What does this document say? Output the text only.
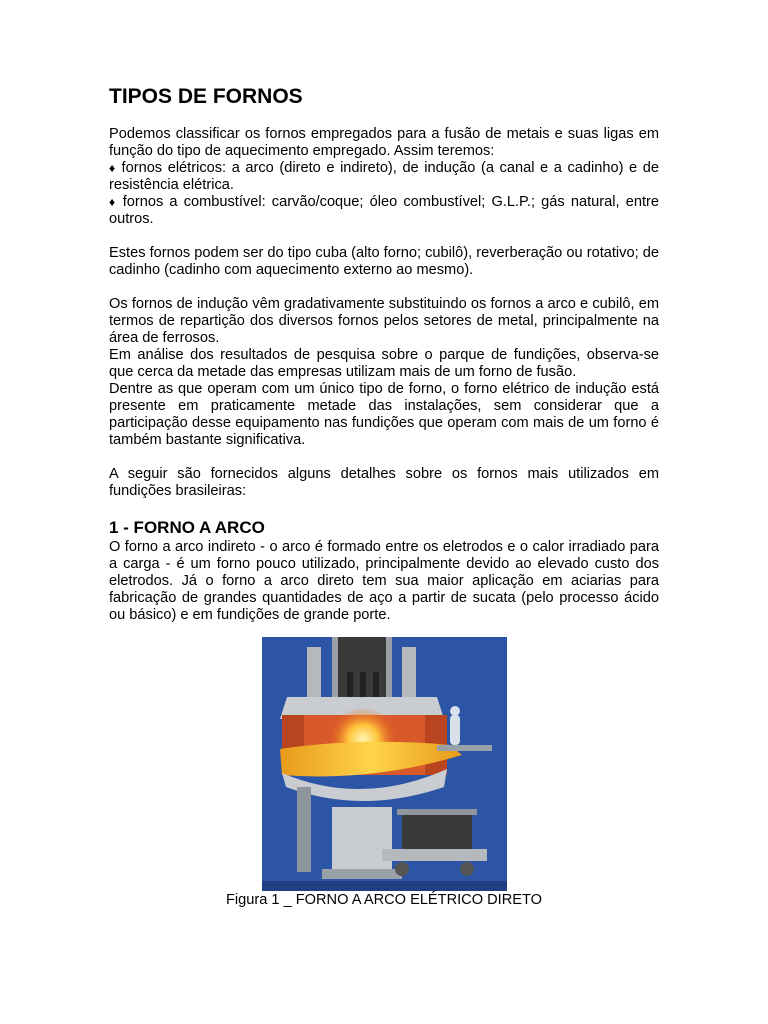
TIPOS DE FORNOS

Podemos classificar os fornos empregados para a fusão de metais e suas ligas em função do tipo de aquecimento empregado. Assim teremos:

♦ fornos elétricos: a arco (direto e indireto), de indução (a canal e a cadinho) e de resistência elétrica.

♦ fornos a combustível: carvão/coque; óleo combustível; G.L.P.; gás natural, entre outros.

Estes fornos podem ser do tipo cuba (alto forno; cubilô), reverberação ou rotativo; de cadinho (cadinho com aquecimento externo ao mesmo).

Os fornos de indução vêm gradativamente substituindo os fornos a arco e cubilô, em termos de repartição dos diversos fornos pelos setores de metal, principalmente na área de ferrosos.

Em análise dos resultados de pesquisa sobre o parque de fundições, observa-se que cerca da metade das empresas utilizam mais de um forno de fusão.

Dentre as que operam com um único tipo de forno, o forno elétrico de indução está presente em praticamente metade das instalações, sem considerar que a participação desse equipamento nas fundições que operam com mais de um forno é também bastante significativa.

A seguir são fornecidos alguns detalhes sobre os fornos mais utilizados em fundições brasileiras:

1 - FORNO A ARCO

O forno a arco indireto - o arco é formado entre os eletrodos e o calor irradiado para a carga - é um forno pouco utilizado, principalmente devido ao elevado custo dos eletrodos. Já o forno a arco direto tem sua maior aplicação em aciarias para fabricação de grandes quantidades de aço a partir de sucata (pelo processo ácido ou básico) e em fundições de grande porte.

Figura 1 _ FORNO A ARCO ELÉTRICO DIRETO
